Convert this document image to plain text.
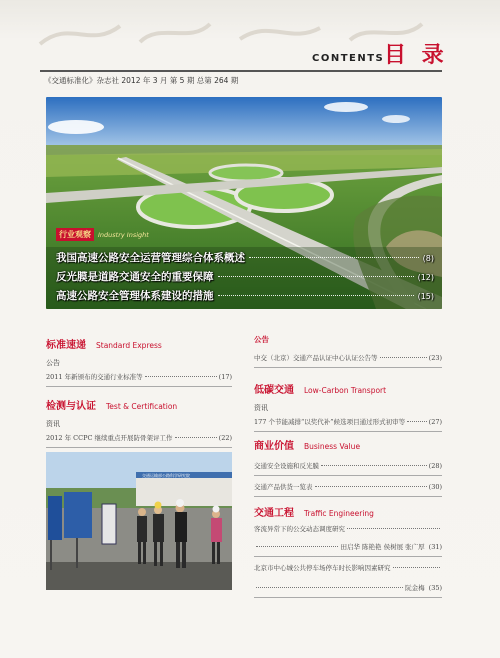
CONTENTS 目 录
《交通标准化》杂志社 2012 年 3 月 第 5 期 总第 264 期
行业观察	Industry Insight
我国高速公路安全运营管理综合体系概述	(8)
反光膜是道路交通安全的重要保障	(12)
高速公路安全管理体系建设的措施	(15)
标准速递 Standard Express
公告
2011 年新颁布的交通行业标准等	(17)
检测与认证 Test & Certification
资讯
2012 年 CCPC 继续重点开展防骨架评工作	(22)
交通运输部公路科学研究院
公告
中交（北京）交通产品认证中心认证公告等	(23)
低碳交通 Low-Carbon Transport
资讯
177 个节能减排“以奖代补”候选项目通过形式初审等	(27)
商业价值 Business Value
交通安全设施和反光膜	(28)
交通产品供货一览表	(30)
交通工程 Traffic Engineering
客流异常下的公交动态调度研究
田启华 陈艳艳 侯树展 张广厚 (31)
北京市中心城公共停车场停车时长影响因素研究
阮金梅 (35)
